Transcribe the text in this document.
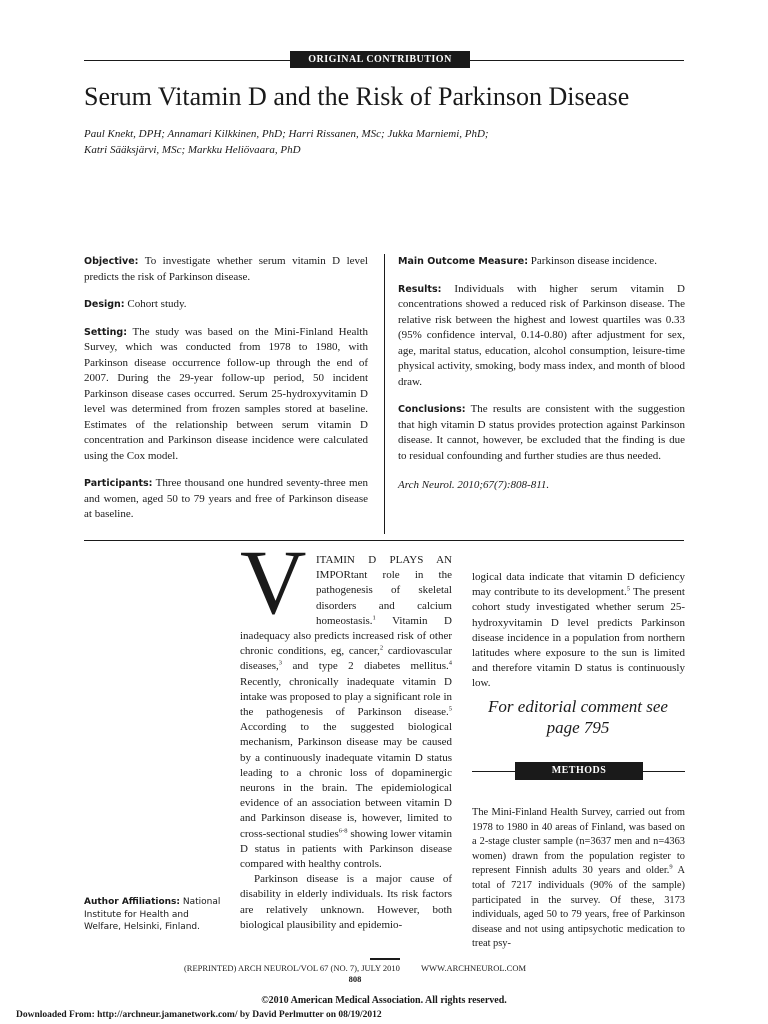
ORIGINAL CONTRIBUTION
Serum Vitamin D and the Risk of Parkinson Disease
Paul Knekt, DPH; Annamari Kilkkinen, PhD; Harri Rissanen, MSc; Jukka Marniemi, PhD;
Katri Sääksjärvi, MSc; Markku Heliövaara, PhD

Objective: To investigate whether serum vitamin D level predicts the risk of Parkinson disease.

Design: Cohort study.

Setting: The study was based on the Mini-Finland Health Survey, which was conducted from 1978 to 1980, with Parkinson disease occurrence follow-up through the end of 2007. During the 29-year follow-up period, 50 incident Parkinson disease cases occurred. Serum 25-hydroxyvitamin D level was determined from frozen samples stored at baseline. Estimates of the relationship between serum vitamin D concentration and Parkinson disease incidence were calculated using the Cox model.

Participants: Three thousand one hundred seventy-three men and women, aged 50 to 79 years and free of Parkinson disease at baseline.

Main Outcome Measure: Parkinson disease incidence.

Results: Individuals with higher serum vitamin D concentrations showed a reduced risk of Parkinson disease. The relative risk between the highest and lowest quartiles was 0.33 (95% confidence interval, 0.14-0.80) after adjustment for sex, age, marital status, education, alcohol consumption, leisure-time physical activity, smoking, body mass index, and month of blood draw.

Conclusions: The results are consistent with the suggestion that high vitamin D status provides protection against Parkinson disease. It cannot, however, be excluded that the finding is due to residual confounding and further studies are thus needed.

Arch Neurol. 2010;67(7):808-811.

V ITAMIN D PLAYS AN IMPORtant role in the pathogenesis of skeletal disorders and calcium homeostasis.$^1$ Vitamin D inadequacy also predicts increased risk of other chronic conditions, eg, cancer,$^2$ cardiovascular diseases,$^3$ and type 2 diabetes mellitus.$^4$ Recently, chronically inadequate vitamin D intake was proposed to play a significant role in the pathogenesis of Parkinson disease.$^5$ According to the suggested biological mechanism, Parkinson disease may be caused by a continuously inadequate vitamin D status leading to a chronic loss of dopaminergic neurons in the brain. The epidemiological evidence of an association between vitamin D and Parkinson disease is, however, limited to cross-sectional studies$^{6-8}$ showing lower vitamin D status in patients with Parkinson disease compared with healthy controls.

Parkinson disease is a major cause of disability in elderly individuals. Its risk factors are relatively unknown. However, both biological plausibility and epidemio-

logical data indicate that vitamin D deficiency may contribute to its development.$^5$ The present cohort study investigated whether serum 25-hydroxyvitamin D level predicts Parkinson disease incidence in a population from northern latitudes where exposure to the sun is limited and therefore vitamin D status is continuously low.

For editorial comment see page 795
METHODS

The Mini-Finland Health Survey, carried out from 1978 to 1980 in 40 areas of Finland, was based on a 2-stage cluster sample (n=3637 men and n=4363 women) drawn from the population register to represent Finnish adults 30 years and older.$^9$ A total of 7217 individuals (90% of the sample) participated in the survey. Of these, 3173 individuals, aged 50 to 79 years, free of Parkinson disease and not using antipsychotic medication to treat psy-

Author Affiliations: National Institute for Health and Welfare, Helsinki, Finland.
(REPRINTED) ARCH NEUROL/VOL 67 (NO. 7), JULY 2010          WWW.ARCHNEUROL.COM
808
©2010 American Medical Association. All rights reserved.
Downloaded From: http://archneur.jamanetwork.com/ by David Perlmutter on 08/19/2012
